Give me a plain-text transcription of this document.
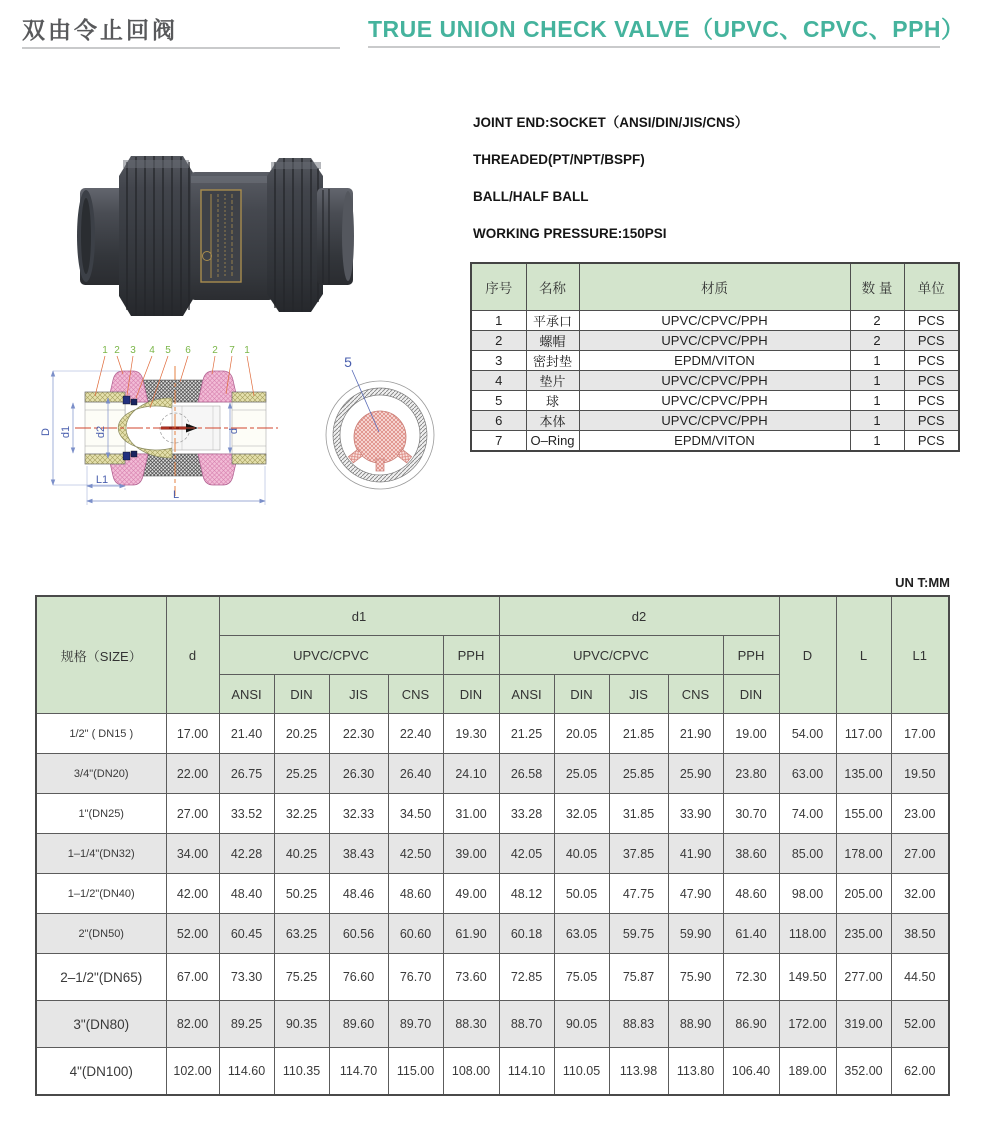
双由令止回阀	TRUE UNION CHECK VALVE（UPVC、CPVC、PPH）
JOINT END:SOCKET（ANSI/DIN/JIS/CNS）
THREADED(PT/NPT/BSPF)
BALL/HALF BALL
WORKING PRESSURE:150PSI
序号	名称	材质	数 量	单位
1	平承口	UPVC/CPVC/PPH	2	PCS
2	螺帽	UPVC/CPVC/PPH	2	PCS
3	密封垫	EPDM/VITON	1	PCS
4	垫片	UPVC/CPVC/PPH	1	PCS
5	球	UPVC/CPVC/PPH	1	PCS
6	本体	UPVC/CPVC/PPH	1	PCS
7	O–Ring	EPDM/VITON	1	PCS
1 2 3 4 5 6 2 7 1
D d1 d2	d
L1
L
5
UN T:MM
规格（SIZE）	d	d1					d2					D	L	L1
		UPVC/CPVC				PPH	UPVC/CPVC				PPH			
		ANSI	DIN	JIS	CNS	DIN	ANSI	DIN	JIS	CNS	DIN			
1/2" ( DN15 )	17.00	21.40	20.25	22.30	22.40	19.30	21.25	20.05	21.85	21.90	19.00	54.00	117.00	17.00
3/4"(DN20)	22.00	26.75	25.25	26.30	26.40	24.10	26.58	25.05	25.85	25.90	23.80	63.00	135.00	19.50
1"(DN25)	27.00	33.52	32.25	32.33	34.50	31.00	33.28	32.05	31.85	33.90	30.70	74.00	155.00	23.00
1–1/4"(DN32)	34.00	42.28	40.25	38.43	42.50	39.00	42.05	40.05	37.85	41.90	38.60	85.00	178.00	27.00
1–1/2"(DN40)	42.00	48.40	50.25	48.46	48.60	49.00	48.12	50.05	47.75	47.90	48.60	98.00	205.00	32.00
2"(DN50)	52.00	60.45	63.25	60.56	60.60	61.90	60.18	63.05	59.75	59.90	61.40	118.00	235.00	38.50
2–1/2"(DN65)	67.00	73.30	75.25	76.60	76.70	73.60	72.85	75.05	75.87	75.90	72.30	149.50	277.00	44.50
3"(DN80)	82.00	89.25	90.35	89.60	89.70	88.30	88.70	90.05	88.83	88.90	86.90	172.00	319.00	52.00
4"(DN100)	102.00	114.60	110.35	114.70	115.00	108.00	114.10	110.05	113.98	113.80	106.40	189.00	352.00	62.00
